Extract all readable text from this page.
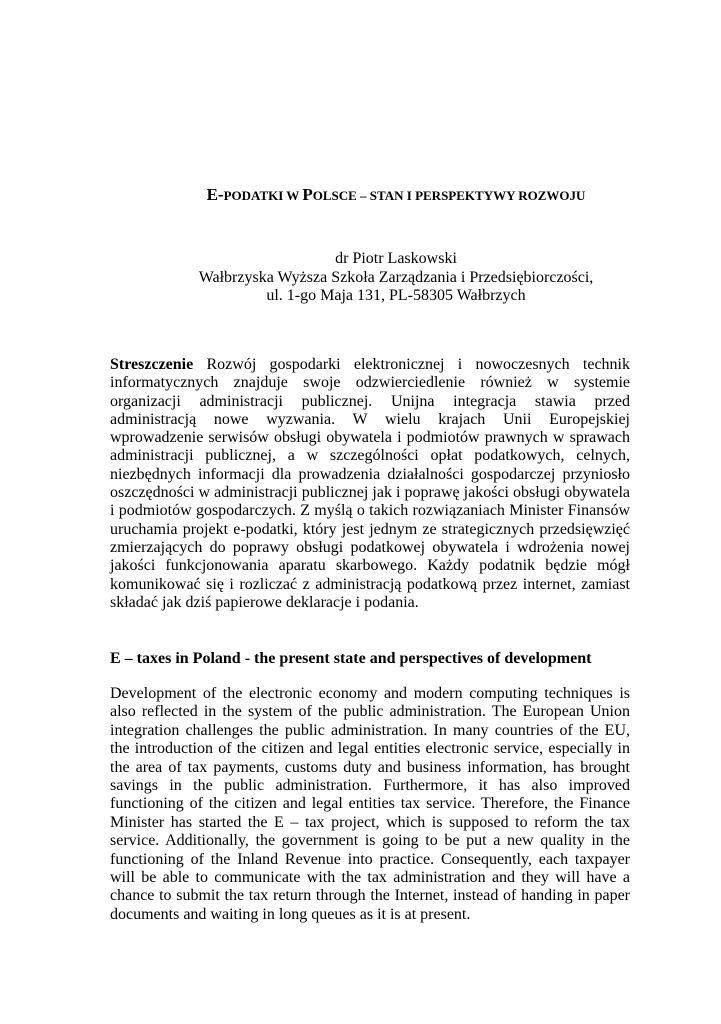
E-PODATKI W POLSCE – STAN I PERSPEKTYWY ROZWOJU
dr Piotr Laskowski
Wałbrzyska Wyższa Szkoła Zarządzania i Przedsiębiorczości,
ul. 1-go Maja 131, PL-58305 Wałbrzych
Streszczenie Rozwój gospodarki elektronicznej i nowoczesnych technik informatycznych znajduje swoje odzwierciedlenie również w systemie organizacji administracji publicznej. Unijna integracja stawia przed administracją nowe wyzwania. W wielu krajach Unii Europejskiej wprowadzenie serwisów obsługi obywatela i podmiotów prawnych w sprawach administracji publicznej, a w szczególności opłat podatkowych, celnych, niezbędnych informacji dla prowadzenia działalności gospodarczej przyniosło oszczędności w administracji publicznej jak i poprawę jakości obsługi obywatela i podmiotów gospodarczych. Z myślą o takich rozwiązaniach Minister Finansów uruchamia projekt e-podatki, który jest jednym ze strategicznych przedsięwzięć zmierzających do poprawy obsługi podatkowej obywatela i wdrożenia nowej jakości funkcjonowania aparatu skarbowego. Każdy podatnik będzie mógł komunikować się i rozliczać z administracją podatkową przez internet, zamiast składać jak dziś papierowe deklaracje i podania.
E – taxes in Poland - the present state and perspectives of development
Development of the electronic economy and modern computing techniques is also reflected in the system of the public administration. The European Union integration challenges the public administration. In many countries of the EU, the introduction of the citizen and legal entities electronic service, especially in the area of tax payments, customs duty and business information, has brought savings in the public administration. Furthermore, it has also improved functioning of the citizen and legal entities tax service. Therefore, the Finance Minister has started the E – tax project, which is supposed to reform the tax service. Additionally, the government is going to be put a new quality in the functioning of the Inland Revenue into practice. Consequently, each taxpayer will be able to communicate with the tax administration and they will have a chance to submit the tax return through the Internet, instead of handing in paper documents and waiting in long queues as it is at present.
